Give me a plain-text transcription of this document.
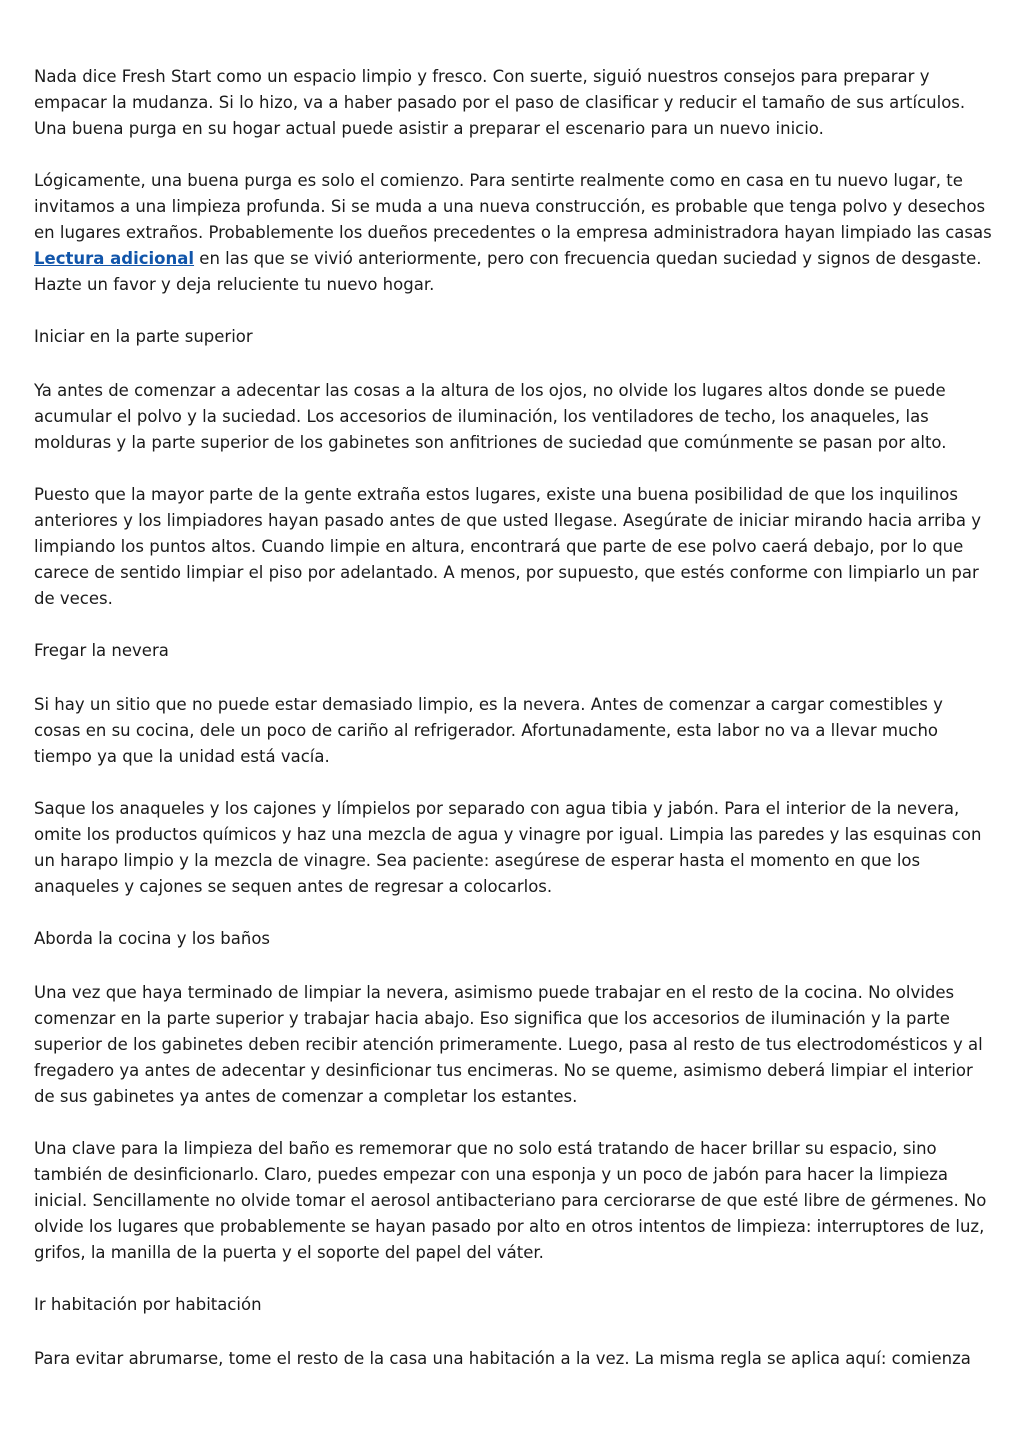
Nada dice Fresh Start como un espacio limpio y fresco. Con suerte, siguió nuestros consejos para preparar y empacar la mudanza. Si lo hizo, va a haber pasado por el paso de clasificar y reducir el tamaño de sus artículos. Una buena purga en su hogar actual puede asistir a preparar el escenario para un nuevo inicio.

Lógicamente, una buena purga es solo el comienzo. Para sentirte realmente como en casa en tu nuevo lugar, te invitamos a una limpieza profunda. Si se muda a una nueva construcción, es probable que tenga polvo y desechos en lugares extraños. Probablemente los dueños precedentes o la empresa administradora hayan limpiado las casas Lectura adicional en las que se vivió anteriormente, pero con frecuencia quedan suciedad y signos de desgaste. Hazte un favor y deja reluciente tu nuevo hogar.

Iniciar en la parte superior

Ya antes de comenzar a adecentar las cosas a la altura de los ojos, no olvide los lugares altos donde se puede acumular el polvo y la suciedad. Los accesorios de iluminación, los ventiladores de techo, los anaqueles, las molduras y la parte superior de los gabinetes son anfitriones de suciedad que comúnmente se pasan por alto.

Puesto que la mayor parte de la gente extraña estos lugares, existe una buena posibilidad de que los inquilinos anteriores y los limpiadores hayan pasado antes de que usted llegase. Asegúrate de iniciar mirando hacia arriba y limpiando los puntos altos. Cuando limpie en altura, encontrará que parte de ese polvo caerá debajo, por lo que carece de sentido limpiar el piso por adelantado. A menos, por supuesto, que estés conforme con limpiarlo un par de veces.

Fregar la nevera

Si hay un sitio que no puede estar demasiado limpio, es la nevera. Antes de comenzar a cargar comestibles y cosas en su cocina, dele un poco de cariño al refrigerador. Afortunadamente, esta labor no va a llevar mucho tiempo ya que la unidad está vacía.

Saque los anaqueles y los cajones y límpielos por separado con agua tibia y jabón. Para el interior de la nevera, omite los productos químicos y haz una mezcla de agua y vinagre por igual. Limpia las paredes y las esquinas con un harapo limpio y la mezcla de vinagre. Sea paciente: asegúrese de esperar hasta el momento en que los anaqueles y cajones se sequen antes de regresar a colocarlos.

Aborda la cocina y los baños

Una vez que haya terminado de limpiar la nevera, asimismo puede trabajar en el resto de la cocina. No olvides comenzar en la parte superior y trabajar hacia abajo. Eso significa que los accesorios de iluminación y la parte superior de los gabinetes deben recibir atención primeramente. Luego, pasa al resto de tus electrodomésticos y al fregadero ya antes de adecentar y desinficionar tus encimeras. No se queme, asimismo deberá limpiar el interior de sus gabinetes ya antes de comenzar a completar los estantes.

Una clave para la limpieza del baño es rememorar que no solo está tratando de hacer brillar su espacio, sino también de desinficionarlo. Claro, puedes empezar con una esponja y un poco de jabón para hacer la limpieza inicial. Sencillamente no olvide tomar el aerosol antibacteriano para cerciorarse de que esté libre de gérmenes. No olvide los lugares que probablemente se hayan pasado por alto en otros intentos de limpieza: interruptores de luz, grifos, la manilla de la puerta y el soporte del papel del váter.

Ir habitación por habitación

Para evitar abrumarse, tome el resto de la casa una habitación a la vez. La misma regla se aplica aquí: comienza
